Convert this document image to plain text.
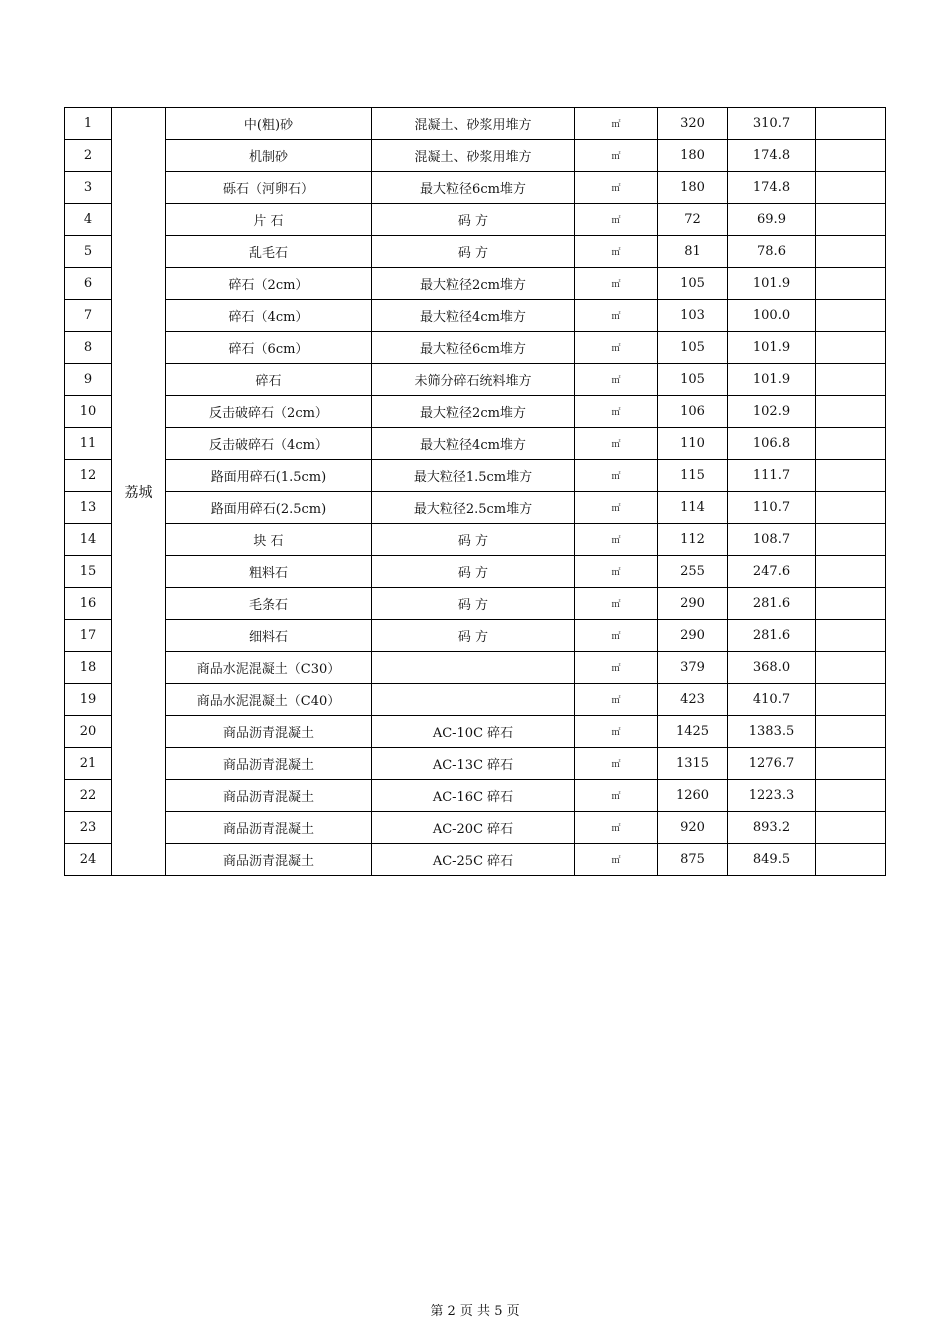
1	荔城	中(粗)砂	混凝土、砂浆用堆方	㎡	320	310.7	
2		机制砂	混凝土、砂浆用堆方	㎡	180	174.8	
3		砾石（河卵石）	最大粒径6cm堆方	㎡	180	174.8	
4		片 石	码 方	㎡	72	69.9	
5		乱毛石	码 方	㎡	81	78.6	
6		碎石（2cm）	最大粒径2cm堆方	㎡	105	101.9	
7		碎石（4cm）	最大粒径4cm堆方	㎡	103	100.0	
8		碎石（6cm）	最大粒径6cm堆方	㎡	105	101.9	
9		碎石	未筛分碎石统料堆方	㎡	105	101.9	
10		反击破碎石（2cm）	最大粒径2cm堆方	㎡	106	102.9	
11		反击破碎石（4cm）	最大粒径4cm堆方	㎡	110	106.8	
12		路面用碎石(1.5cm)	最大粒径1.5cm堆方	㎡	115	111.7	
13		路面用碎石(2.5cm)	最大粒径2.5cm堆方	㎡	114	110.7	
14		块 石	码 方	㎡	112	108.7	
15		粗料石	码 方	㎡	255	247.6	
16		毛条石	码 方	㎡	290	281.6	
17		细料石	码 方	㎡	290	281.6	
18		商品水泥混凝土（C30）		㎡	379	368.0	
19		商品水泥混凝土（C40）		㎡	423	410.7	
20		商品沥青混凝土	AC-10C 碎石	㎡	1425	1383.5	
21		商品沥青混凝土	AC-13C 碎石	㎡	1315	1276.7	
22		商品沥青混凝土	AC-16C 碎石	㎡	1260	1223.3	
23		商品沥青混凝土	AC-20C 碎石	㎡	920	893.2	
24		商品沥青混凝土	AC-25C 碎石	㎡	875	849.5	
第 2 页 共 5 页
